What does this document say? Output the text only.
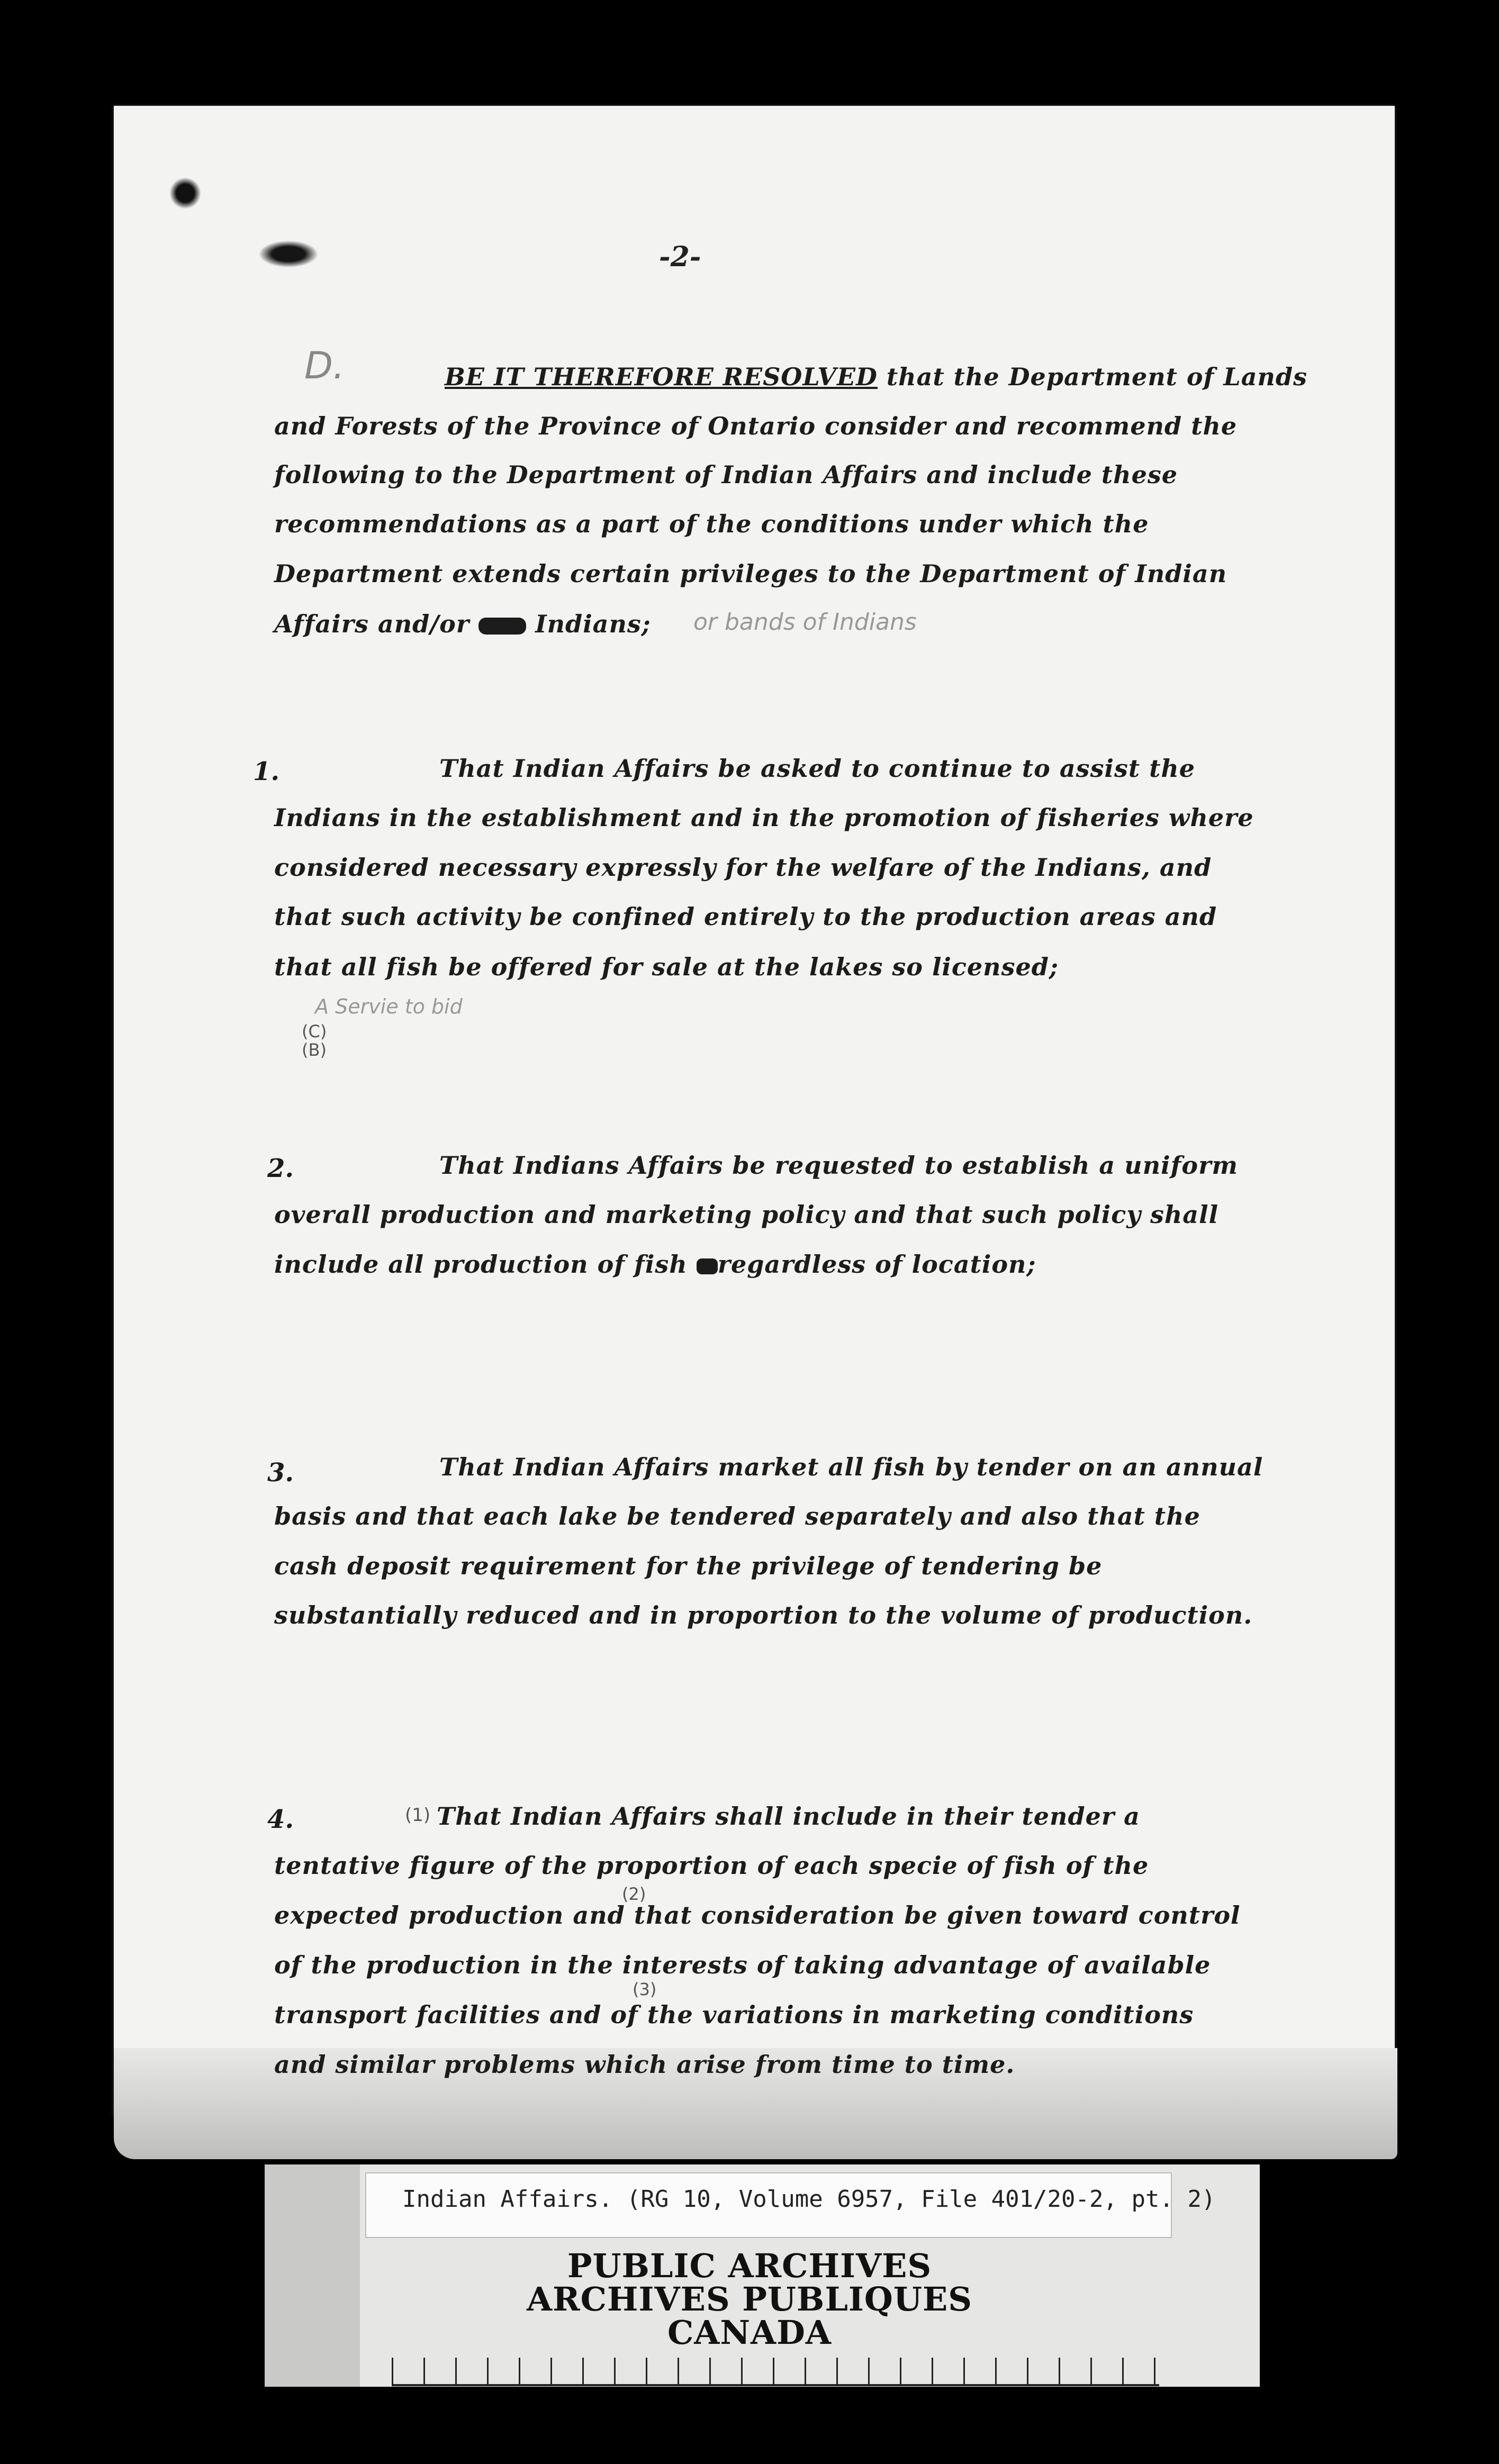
-2-
D.	BE IT THEREFORE RESOLVED that the Department of Lands
and Forests of the Province of Ontario consider and recommend the
following to the Department of Indian Affairs and include these
recommendations as a part of the conditions under which the
Department extends certain privileges to the Department of Indian
Affairs and/or	Indians; or bands of Indians
1.	That Indian Affairs be asked to continue to assist the
Indians in the establishment and in the promotion of fisheries where
considered necessary expressly for the welfare of the Indians, and
that such activity be confined entirely to the production areas and
that all fish be offered for sale at the lakes so licensed;
A Servie to bid
(C)
(B)
2.	That Indians Affairs be requested to establish a uniform
overall production and marketing policy and that such policy shall
include all production of fish regardless of location;
3.	That Indian Affairs market all fish by tender on an annual
basis and that each lake be tendered separately and also that the
cash deposit requirement for the privilege of tendering be
substantially reduced and in proportion to the volume of production.
4.	(1) That Indian Affairs shall include in their tender a
tentative figure of the proportion of each specie of fish of the
(2)
expected production and that consideration be given toward control
of the production in the interests of taking advantage of available
(3)
transport facilities and of the variations in marketing conditions
and similar problems which arise from time to time.
Indian Affairs. (RG 10, Volume 6957, File 401/20-2, pt. 2)
PUBLIC ARCHIVES
ARCHIVES PUBLIQUES
CANADA
